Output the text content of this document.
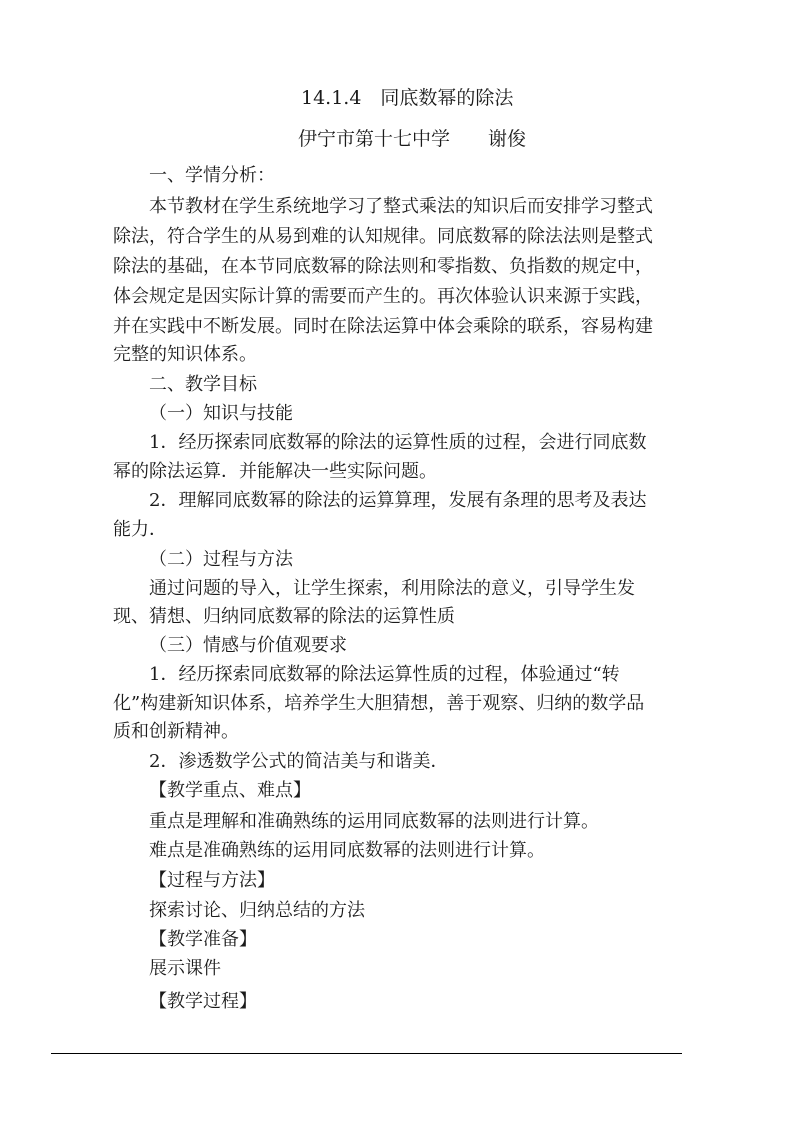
14.1.4　同底数幂的除法
伊宁市第十七中学　　谢俊
一、学情分析：
本节教材在学生系统地学习了整式乘法的知识后而安排学习整式
除法，符合学生的从易到难的认知规律。同底数幂的除法法则是整式
除法的基础，在本节同底数幂的除法则和零指数、负指数的规定中，
体会规定是因实际计算的需要而产生的。再次体验认识来源于实践，
并在实践中不断发展。同时在除法运算中体会乘除的联系，容易构建
完整的知识体系。
二、教学目标
（一）知识与技能
1．经历探索同底数幂的除法的运算性质的过程，会进行同底数
幂的除法运算．并能解决一些实际问题。
2．理解同底数幂的除法的运算算理，发展有条理的思考及表达
能力．
（二）过程与方法
通过问题的导入，让学生探索，利用除法的意义，引导学生发
现、猜想、归纳同底数幂的除法的运算性质
（三）情感与价值观要求
1．经历探索同底数幂的除法运算性质的过程，体验通过“转
化”构建新知识体系，培养学生大胆猜想，善于观察、归纳的数学品
质和创新精神。
2．渗透数学公式的简洁美与和谐美．
【教学重点、难点】
重点是理解和准确熟练的运用同底数幂的法则进行计算。
难点是准确熟练的运用同底数幂的法则进行计算。
【过程与方法】
探索讨论、归纳总结的方法
【教学准备】
展示课件
【教学过程】
